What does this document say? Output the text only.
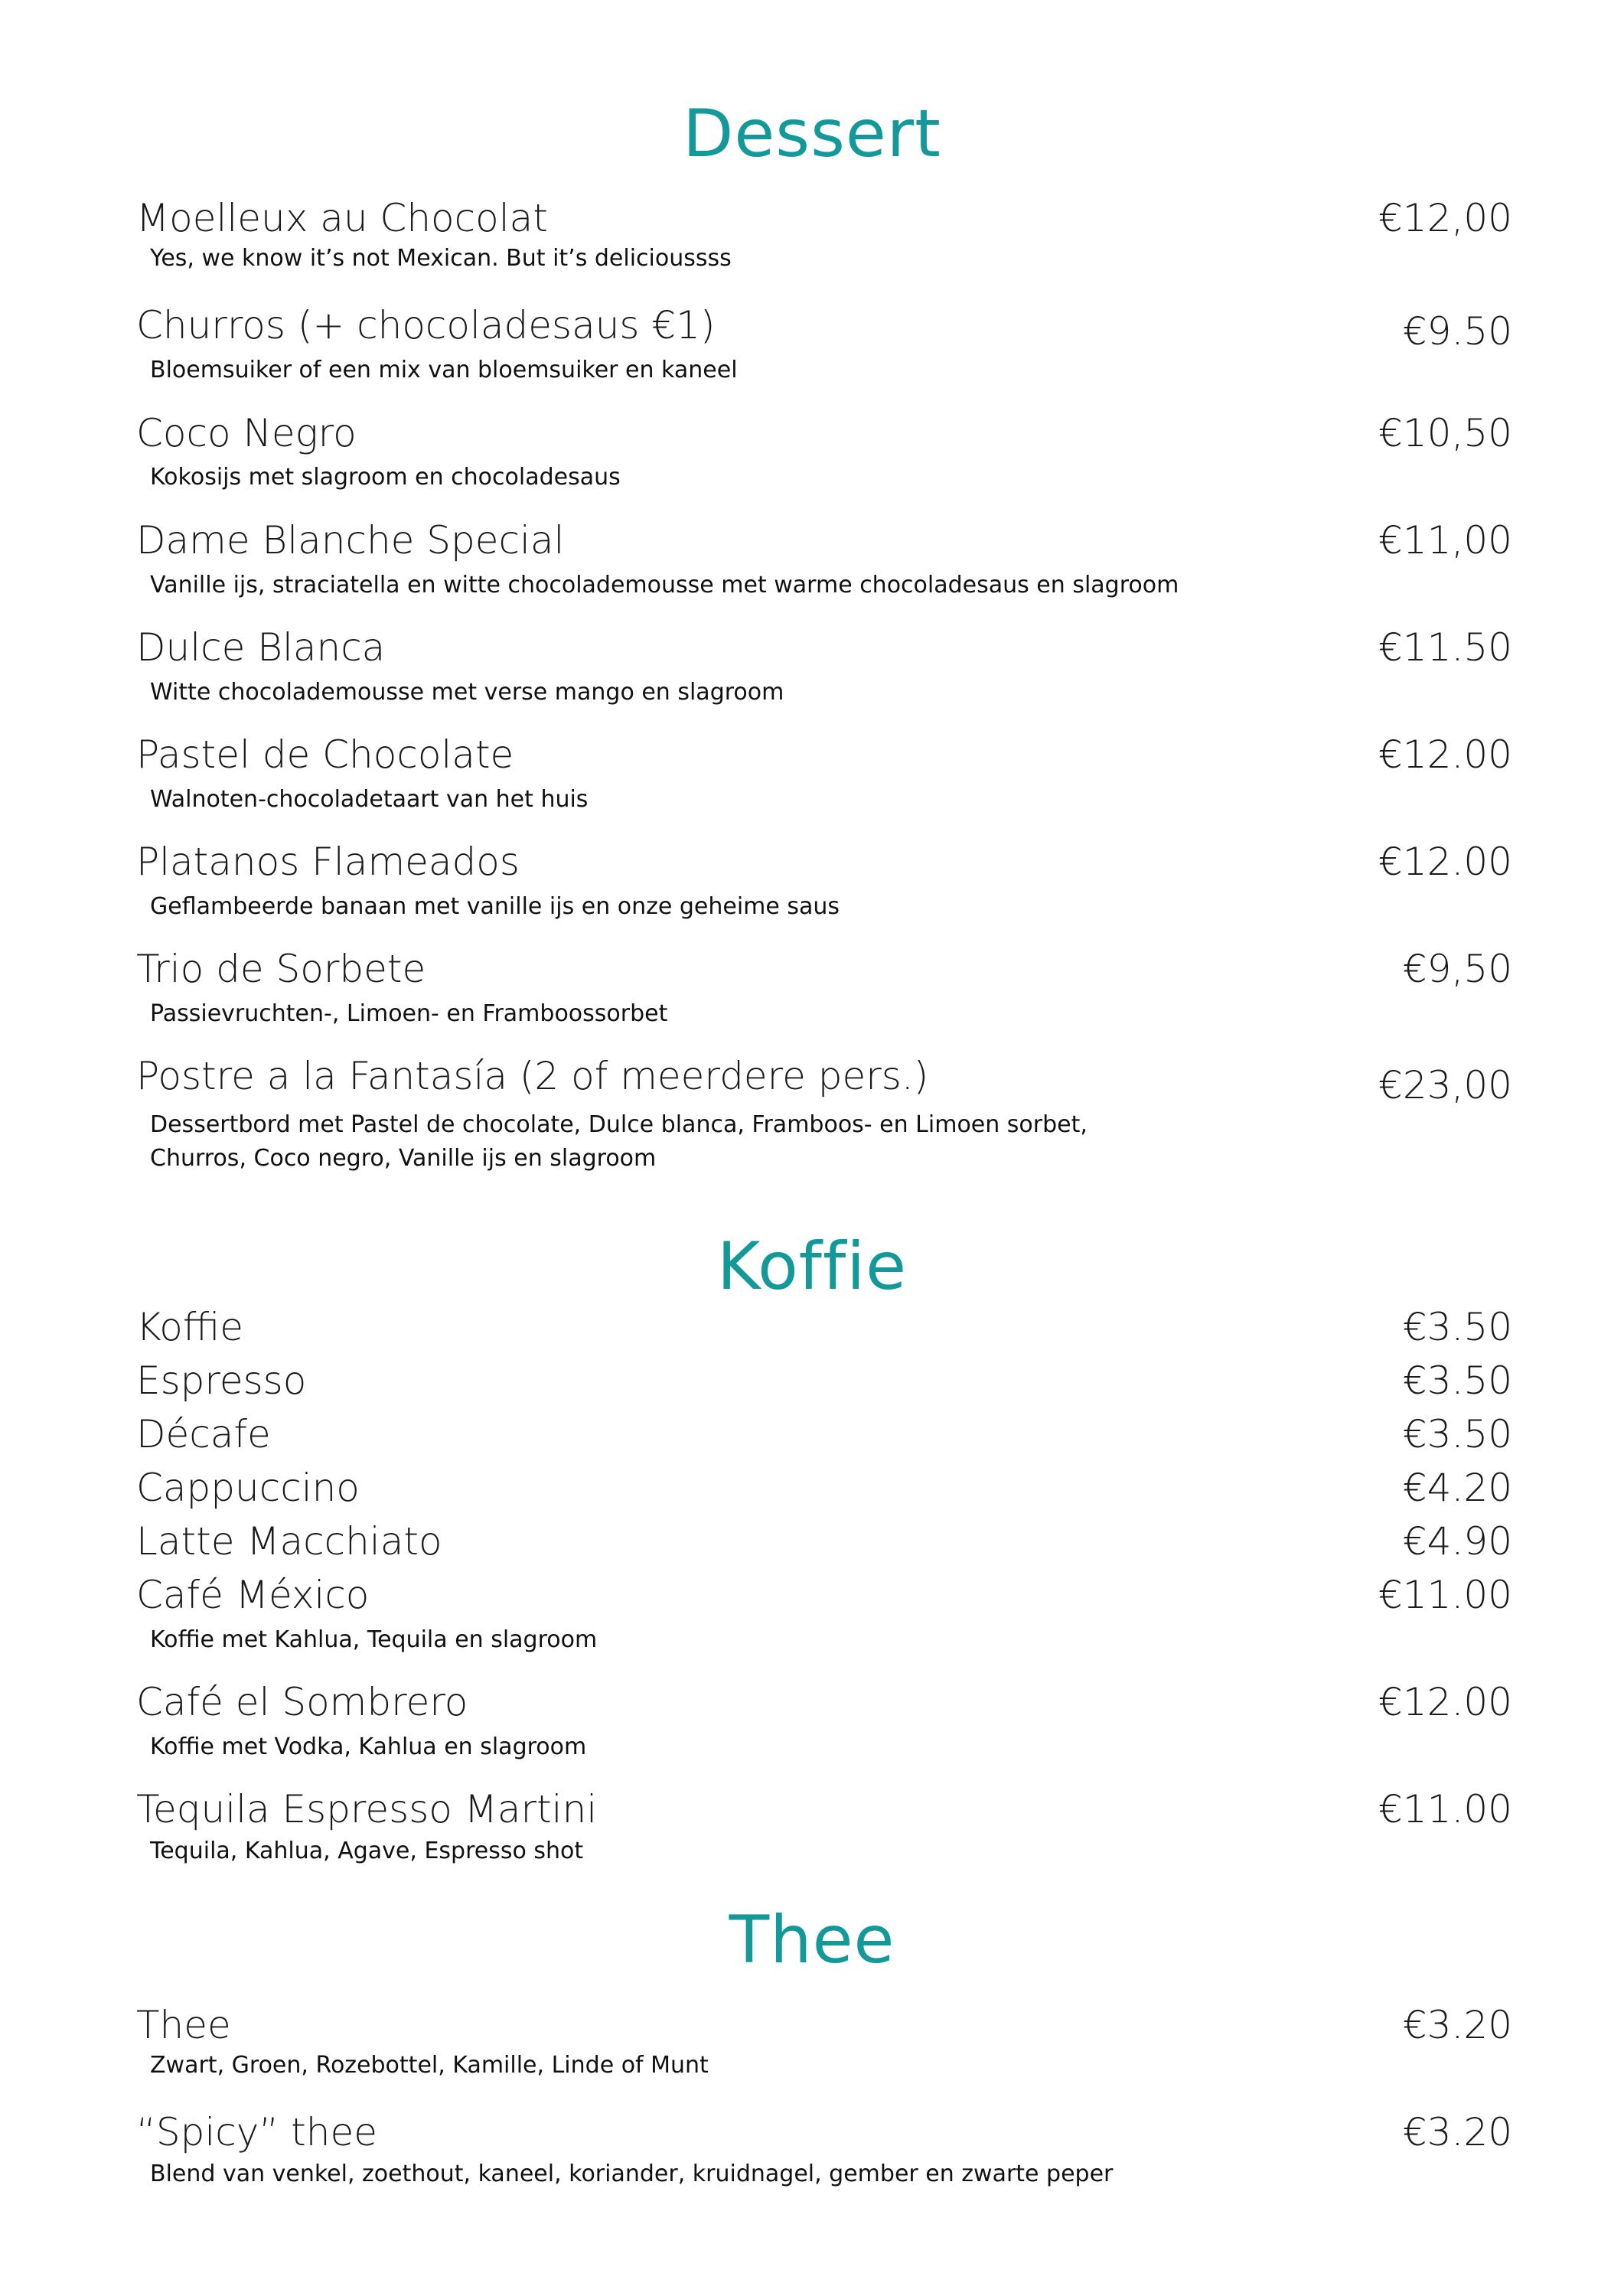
Dessert
Moelleux au Chocolat	€12,00
Yes, we know it’s not Mexican. But it’s delicioussss
Churros (+ chocoladesaus €1)	€9.50
Bloemsuiker of een mix van bloemsuiker en kaneel
Coco Negro	€10,50
Kokosijs met slagroom en chocoladesaus
Dame Blanche Special	€11,00
Vanille ijs, straciatella en witte chocolademousse met warme chocoladesaus en slagroom
Dulce Blanca	€11.50
Witte chocolademousse met verse mango en slagroom
Pastel de Chocolate	€12.00
Walnoten-chocoladetaart van het huis
Platanos Flameados	€12.00
Geflambeerde banaan met vanille ijs en onze geheime saus
Trio de Sorbete	€9,50
Passievruchten-, Limoen- en Framboossorbet
Postre a la Fantasía (2 of meerdere pers.)	€23,00
Dessertbord met Pastel de chocolate, Dulce blanca, Framboos- en Limoen sorbet,
Churros, Coco negro, Vanille ijs en slagroom
Koffie
Koffie	€3.50
Espresso	€3.50
Décafe	€3.50
Cappuccino	€4.20
Latte Macchiato	€4.90
Café México	€11.00
Koffie met Kahlua, Tequila en slagroom
Café el Sombrero	€12.00
Koffie met Vodka, Kahlua en slagroom
Tequila Espresso Martini	€11.00
Tequila, Kahlua, Agave, Espresso shot
Thee
Thee	€3.20
Zwart, Groen, Rozebottel, Kamille, Linde of Munt
“Spicy” thee	€3.20
Blend van venkel, zoethout, kaneel, koriander, kruidnagel, gember en zwarte peper
